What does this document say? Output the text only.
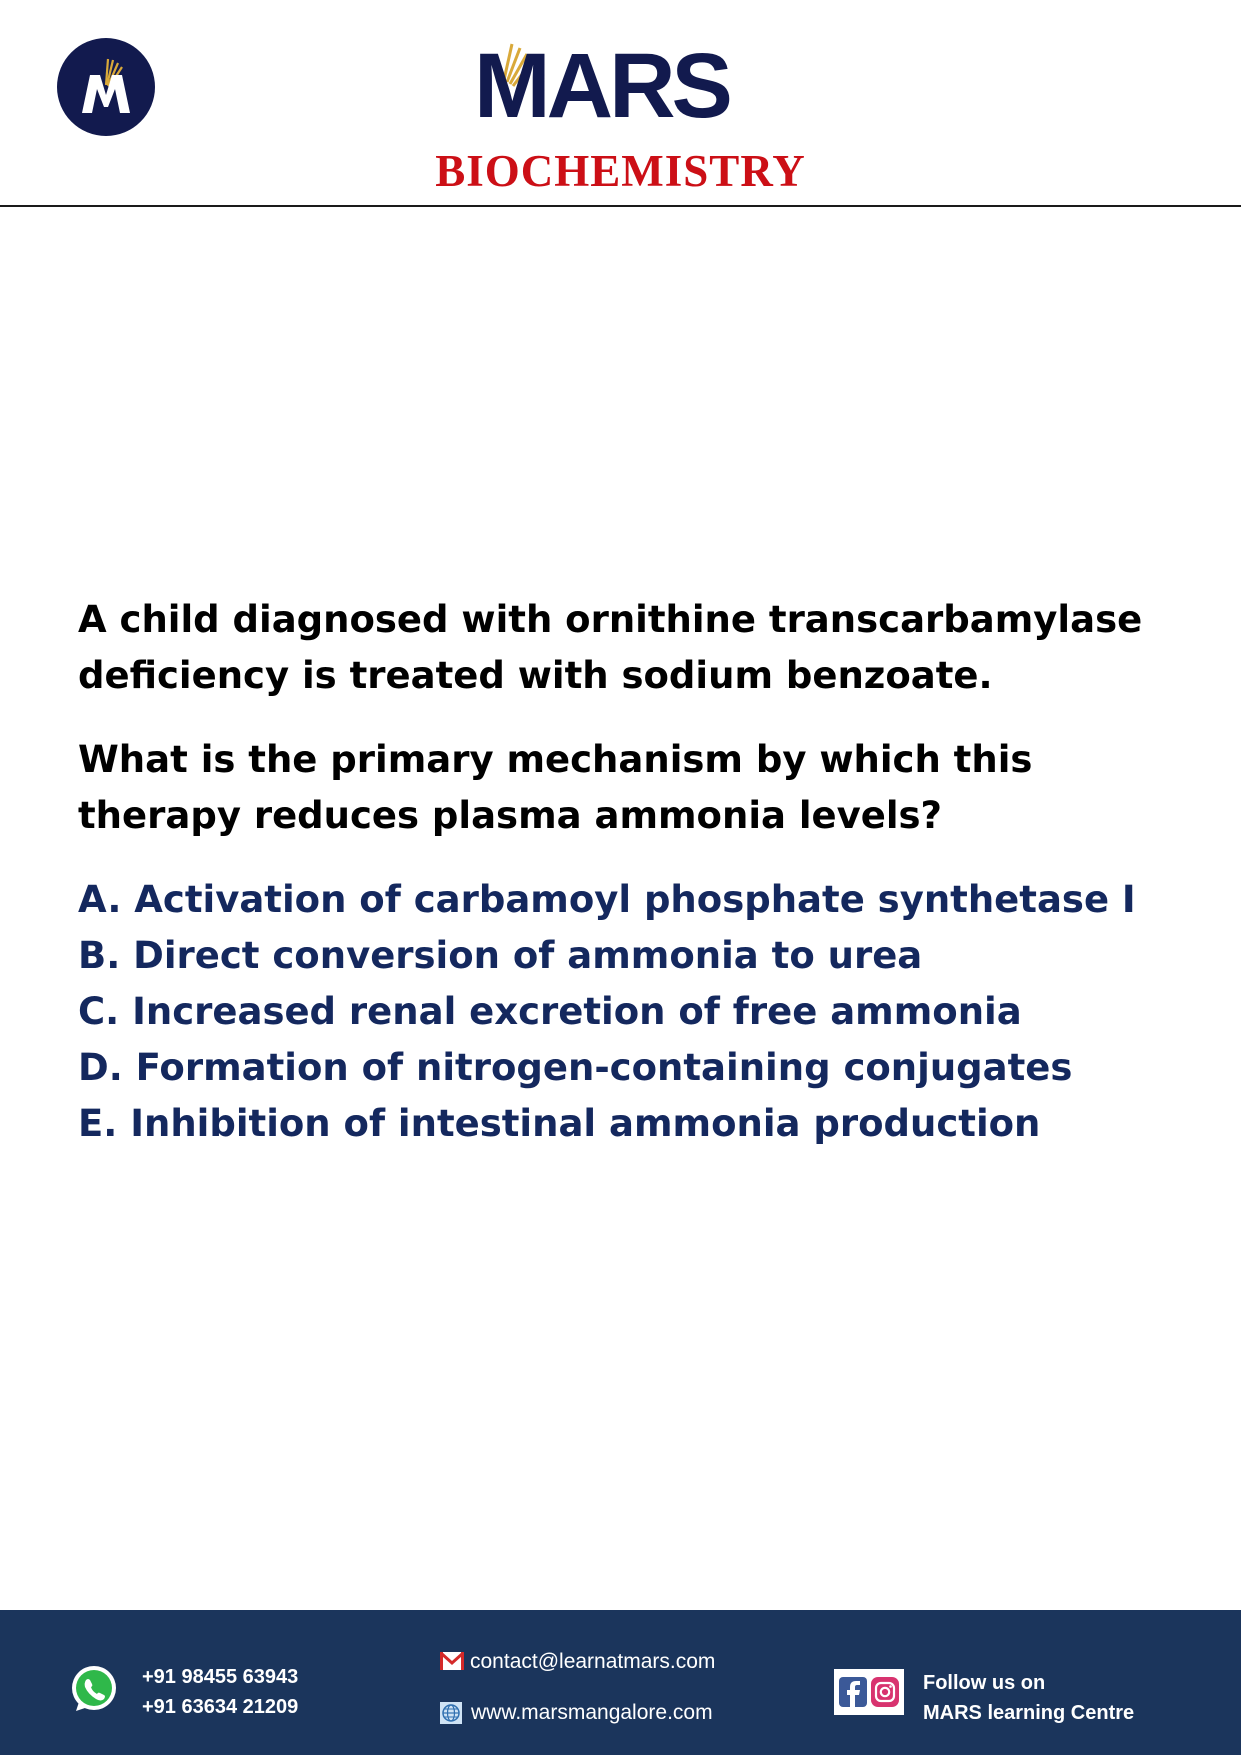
MARS
BIOCHEMISTRY

A child diagnosed with ornithine transcarbamylase deficiency is treated with sodium benzoate.

What is the primary mechanism by which this therapy reduces plasma ammonia levels?

A. Activation of carbamoyl phosphate synthetase I
B. Direct conversion of ammonia to urea
C. Increased renal excretion of free ammonia
D. Formation of nitrogen-containing conjugates
E. Inhibition of intestinal ammonia production
+91 98455 63943
+91 63634 21209
contact@learnatmars.com
www.marsmangalore.com
Follow us on
MARS learning Centre
